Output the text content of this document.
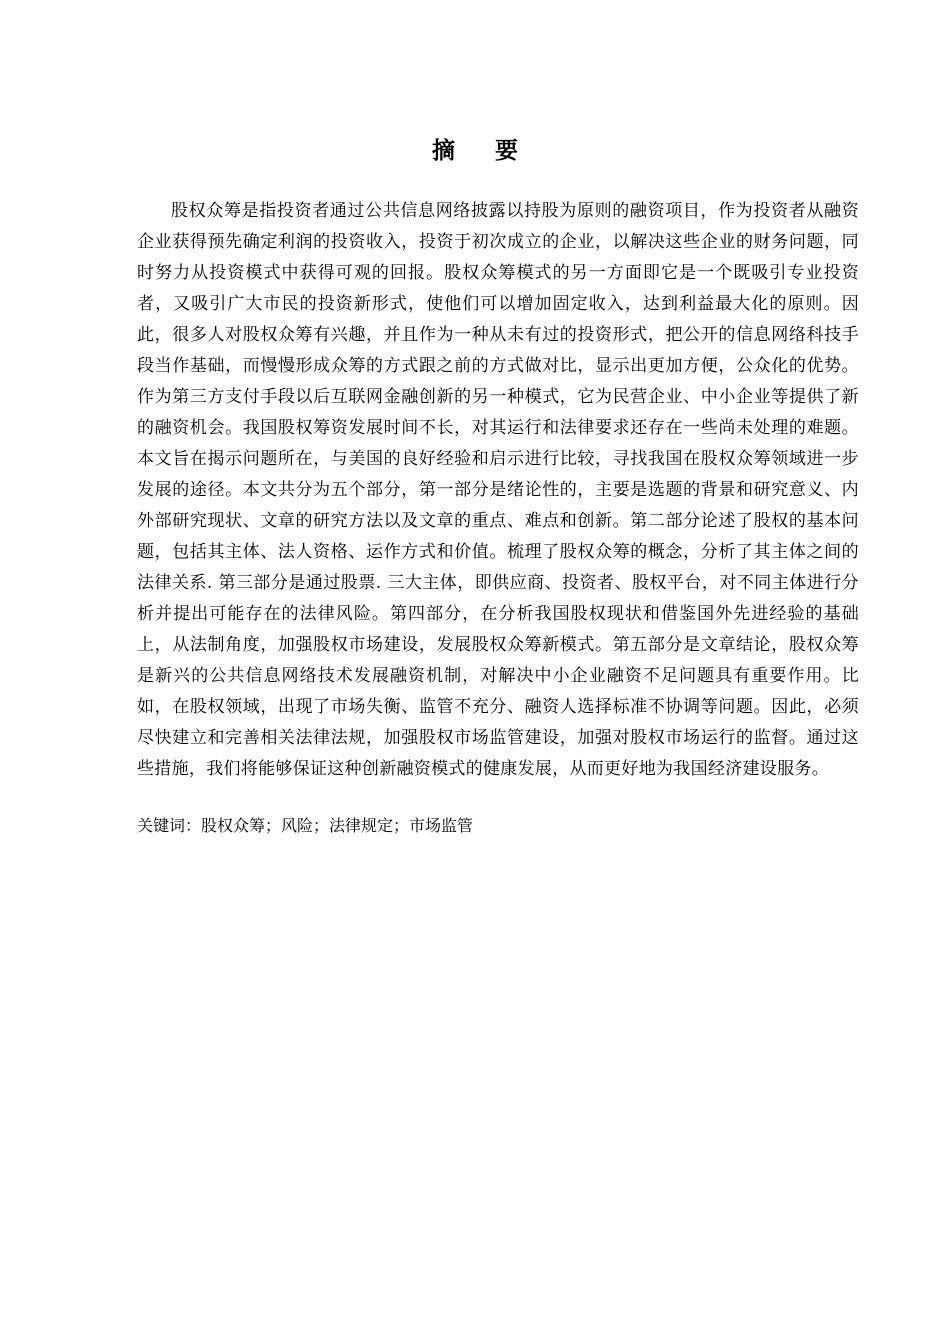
摘 要

股权众筹是指投资者通过公共信息网络披露以持股为原则的融资项目，作为投资者从融资企业获得预先确定利润的投资收入，投资于初次成立的企业，以解决这些企业的财务问题，同时努力从投资模式中获得可观的回报。股权众筹模式的另一方面即它是一个既吸引专业投资者，又吸引广大市民的投资新形式，使他们可以增加固定收入，达到利益最大化的原则。因此，很多人对股权众筹有兴趣，并且作为一种从未有过的投资形式，把公开的信息网络科技手段当作基础，而慢慢形成众筹的方式跟之前的方式做对比，显示出更加方便，公众化的优势。作为第三方支付手段以后互联网金融创新的另一种模式，它为民营企业、中小企业等提供了新的融资机会。我国股权筹资发展时间不长，对其运行和法律要求还存在一些尚未处理的难题。本文旨在揭示问题所在，与美国的良好经验和启示进行比较，寻找我国在股权众筹领域进一步发展的途径。本文共分为五个部分，第一部分是绪论性的，主要是选题的背景和研究意义、内外部研究现状、文章的研究方法以及文章的重点、难点和创新。第二部分论述了股权的基本问题，包括其主体、法人资格、运作方式和价值。梳理了股权众筹的概念，分析了其主体之间的法律关系. 第三部分是通过股票. 三大主体，即供应商、投资者、股权平台，对不同主体进行分析并提出可能存在的法律风险。第四部分，在分析我国股权现状和借鉴国外先进经验的基础上，从法制角度，加强股权市场建设，发展股权众筹新模式。第五部分是文章结论，股权众筹是新兴的公共信息网络技术发展融资机制，对解决中小企业融资不足问题具有重要作用。比如，在股权领域，出现了市场失衡、监管不充分、融资人选择标准不协调等问题。因此，必须尽快建立和完善相关法律法规，加强股权市场监管建设，加强对股权市场运行的监督。通过这些措施，我们将能够保证这种创新融资模式的健康发展，从而更好地为我国经济建设服务。

关键词：股权众筹；风险；法律规定；市场监管
